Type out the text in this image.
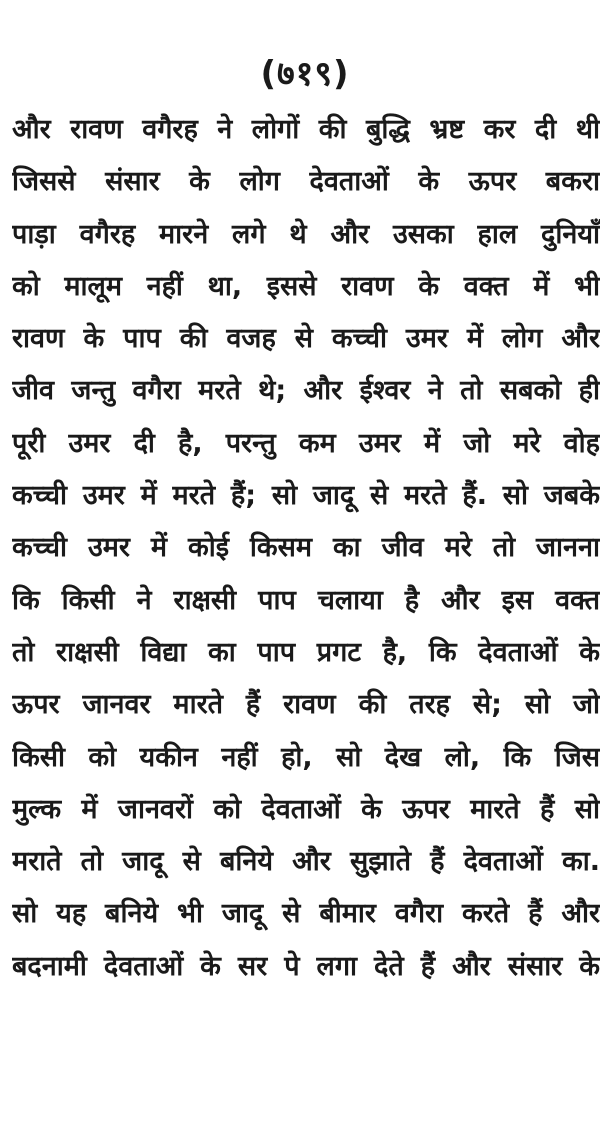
(७१९)
और रावण वगैरह ने लोगों की बुद्धि भ्रष्ट कर दी थी
जिससे संसार के लोग देवताओं के ऊपर बकरा
पाड़ा वगैरह मारने लगे थे और उसका हाल दुनियाँ
को मालूम नहीं था, इससे रावण के वक्त में भी
रावण के पाप की वजह से कच्ची उमर में लोग और
जीव जन्तु वगैरा मरते थे; और ईश्वर ने तो सबको ही
पूरी उमर दी है, परन्तु कम उमर में जो मरे वोह
कच्ची उमर में मरते हैं; सो जादू से मरते हैं. सो जबके
कच्ची उमर में कोई किसम का जीव मरे तो जानना
कि किसी ने राक्षसी पाप चलाया है और इस वक्त
तो राक्षसी विद्या का पाप प्रगट है, कि देवताओं के
ऊपर जानवर मारते हैं रावण की तरह से; सो जो
किसी को यकीन नहीं हो, सो देख लो, कि जिस
मुल्क में जानवरों को देवताओं के ऊपर मारते हैं सो
मराते तो जादू से बनिये और सुझाते हैं देवताओं का.
सो यह बनिये भी जादू से बीमार वगैरा करते हैं और
बदनामी देवताओं के सर पे लगा देते हैं और संसार के
